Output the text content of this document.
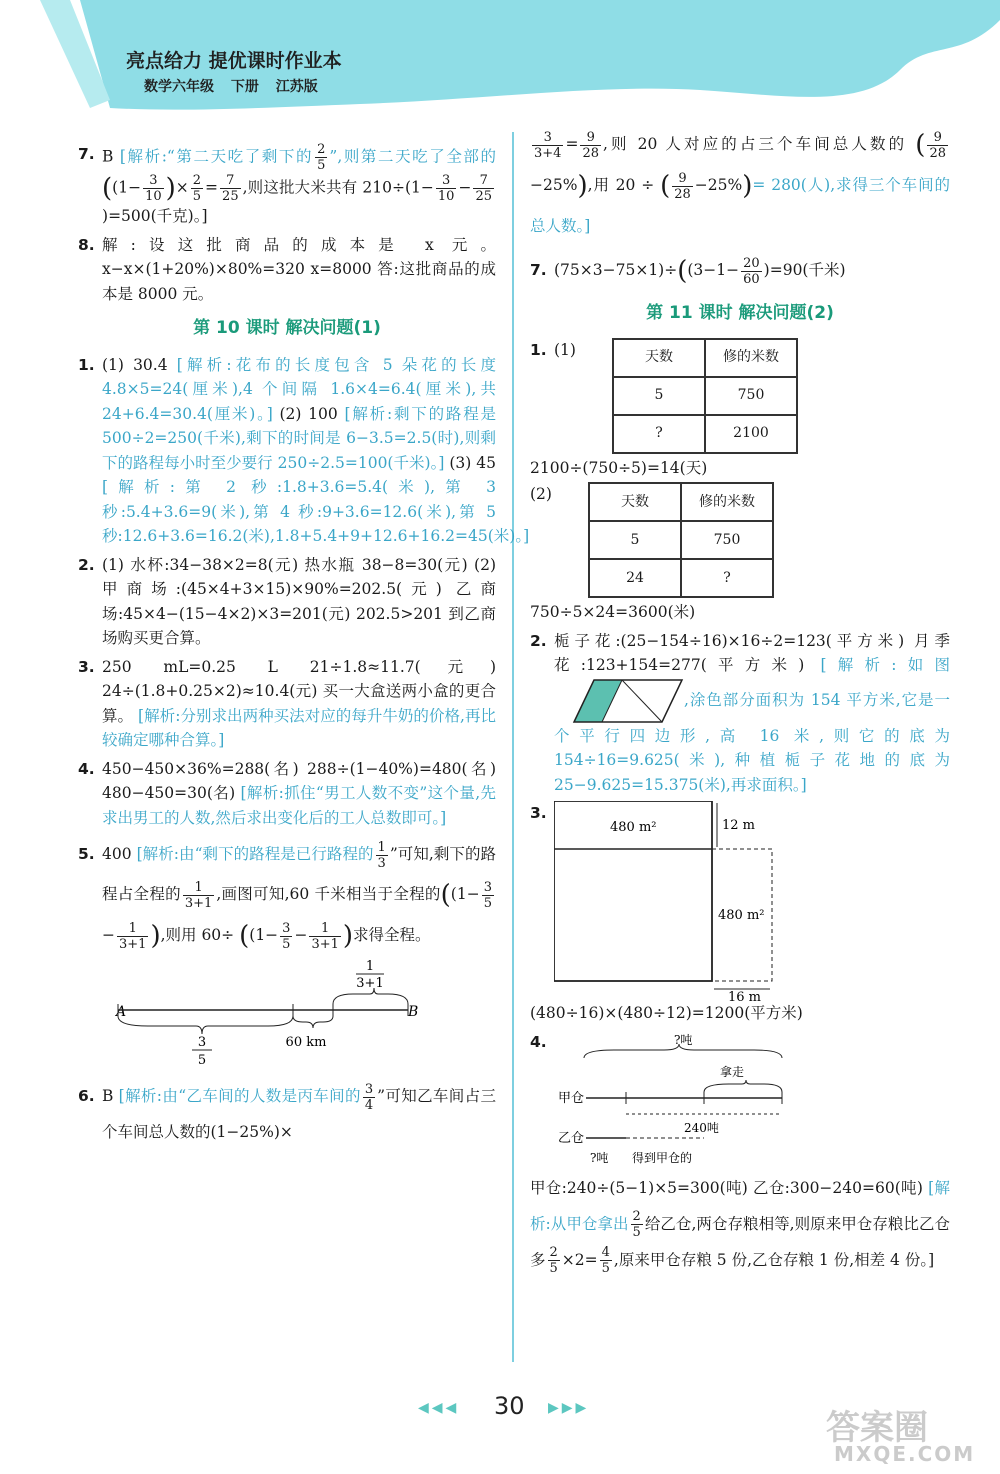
亮点给力 提优课时作业本
数学六年级 下册 江苏版
7. B [解析:“第二天吃了剩下的 $\frac{2}{5}$ ”,则第二天吃了全部的 (($1- \frac{3}{10}$ )× $\frac{2}{5} = \frac{7}{25}$ ,则这批大米共有 $210\div(1- \frac{3}{10} - \frac{7}{25}$
)=500(千克)。]
8. 解:设这批商品的成本是 x 元。 x−x×(1+20%)×80%=320 x=8000 答:这批商品的成本是 8000 元。
第 10 课时 解决问题(1)
1. (1) 30.4 [解析:花布的长度包含 5 朵花的长度4.8×5=24(厘米),4 个间隔 1.6×4=6.4(厘米),共 24+6.4=30.4(厘米)。] (2) 100 [解析:剩下的路程是 500÷2=250(千米),剩下的时间是 6−3.5=2.5(时),则剩下的路程每小时至少要行 250÷2.5=100(千米)。] (3) 45 [解析:第 2 秒:1.8+3.6=5.4(米),第 3 秒:5.4+3.6=9(米),第 4 秒:9+3.6=12.6(米),第 5 秒:12.6+3.6=16.2(米),1.8+5.4+9+12.6+16.2=45(米)。]
2. (1) 水杯:34−38×2=8(元) 热水瓶 38−8=30(元) (2) 甲商场:(45×4+3×15)×90%=202.5(元) 乙商场:45×4−(15−4×2)×3=201(元) 202.5>201 到乙商场购买更合算。
3. 250 mL=0.25 L 21÷1.8≈11.7(元) 24÷(1.8+0.25×2)≈10.4(元) 买一大盒送两小盒的更合算。 [解析:分别求出两种买法对应的每升牛奶的价格,再比较确定哪种合算。]
4. 450−450×36%=288(名) 288÷(1−40%)=480(名) 480−450=30(名) [解析:抓住“男工人数不变”这个量,先求出男工的人数,然后求出变化后的工人总数即可。]
5. 400 [解析:由“剩下的路程是已行路程的 $\frac{1}{3}$ ”可知,剩下的路程占全程的 $\frac{1}{3+1}$ ,画图可知,60 千米相当于全程的(($1- \frac{3}{5}$
− $\frac{1}{3+1}$ ),则用 $60\div ((1- \frac{3}{5} - \frac{1}{3+1}$ )求得全程。
A	B
1
3+1
3
5
60 km
6. B [解析:由“乙车间的人数是丙车间的 $\frac{3}{4}$ ”可知乙车间占三个车间总人数的(1−25%)×
$\frac{3}{3+4} = \frac{9}{28}$ ,则 20 人对应的占三个车间总人数的 ( $\frac{9}{28}$
−25%),用 20 ÷ ( $\frac{9}{28} -25\%)= 280$(人),求得三个车间的总人数。]
7. $(75\times 3-75\times 1)\div((3-1- \frac{20}{60} )=90$(千米)
第 11 课时 解决问题(2)
1. (1)	天数	修的米数
5	750
?	2100
2100÷(750÷5)=14(天)
(2)	天数	修的米数
5	750
24	?
750÷5×24=3600(米)
2. 栀子花:(25−154÷16)×16÷2=123(平方米) 月季花:123+154=277(平方米) [解析:如图 ,涂色部分面积为 154 平方米,它是一个平行四边形,高 16 米,则它的底为 154÷16=9.625(米),种植栀子花地的底为 25−9.625=15.375(米),再求面积。]
3.
480 m²
480 m²
12 m
16 m
(480÷16)×(480÷12)=1200(平方米)
4.	?吨
拿走
甲仓
240吨
乙仓
?吨 得到甲仓的
甲仓:240÷(5−1)×5=300(吨) 乙仓:300−240=60(吨) [解析:从甲仓拿出 $\frac{2}{5}$ 给乙仓,两仓存粮相等,则原来甲仓存粮比乙仓多 $\frac{2}{5} \times 2= \frac{4}{5}$ ,原来甲仓存粮 5 份,乙仓存粮 1 份,相差 4 份。]
◀◀◀ 30 ▶▶▶	答案圈
MXQE.COM
